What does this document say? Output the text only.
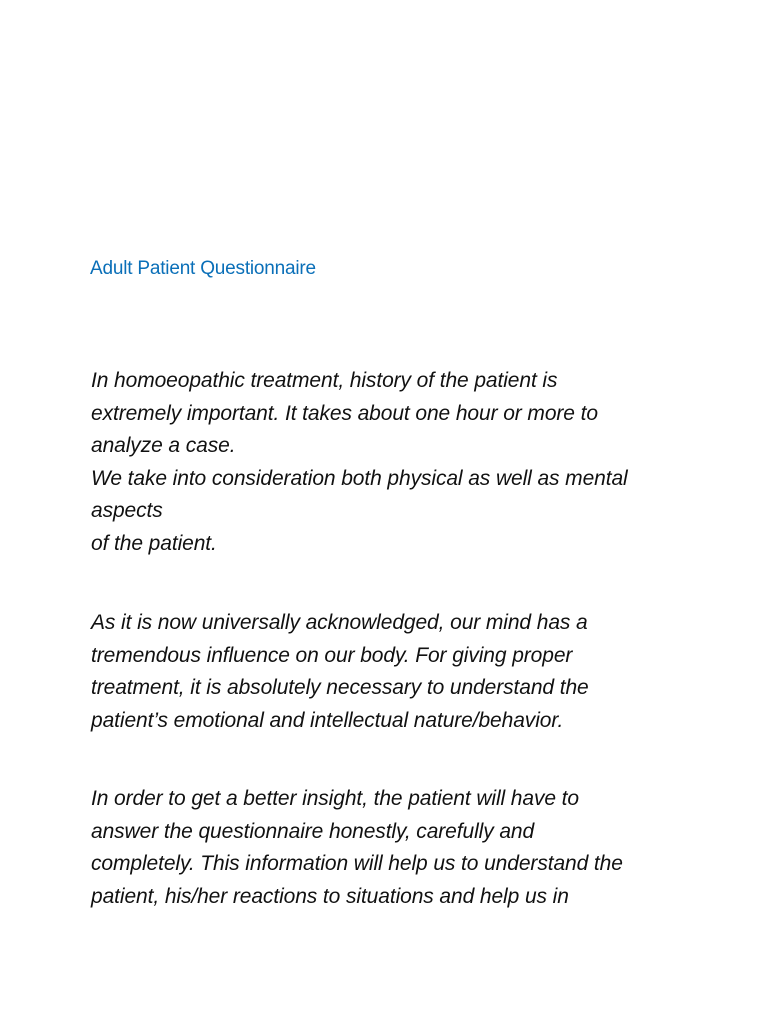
Adult Patient Questionnaire

In homoeopathic treatment, history of the patient is
extremely important. It takes about one hour or more to
analyze a case.
We take into consideration both physical as well as mental
aspects
of the patient.

As it is now universally acknowledged, our mind has a
tremendous influence on our body. For giving proper
treatment, it is absolutely necessary to understand the
patient’s emotional and intellectual nature/behavior.

In order to get a better insight, the patient will have to
answer the questionnaire honestly, carefully and
completely. This information will help us to understand the
patient, his/her reactions to situations and help us in
